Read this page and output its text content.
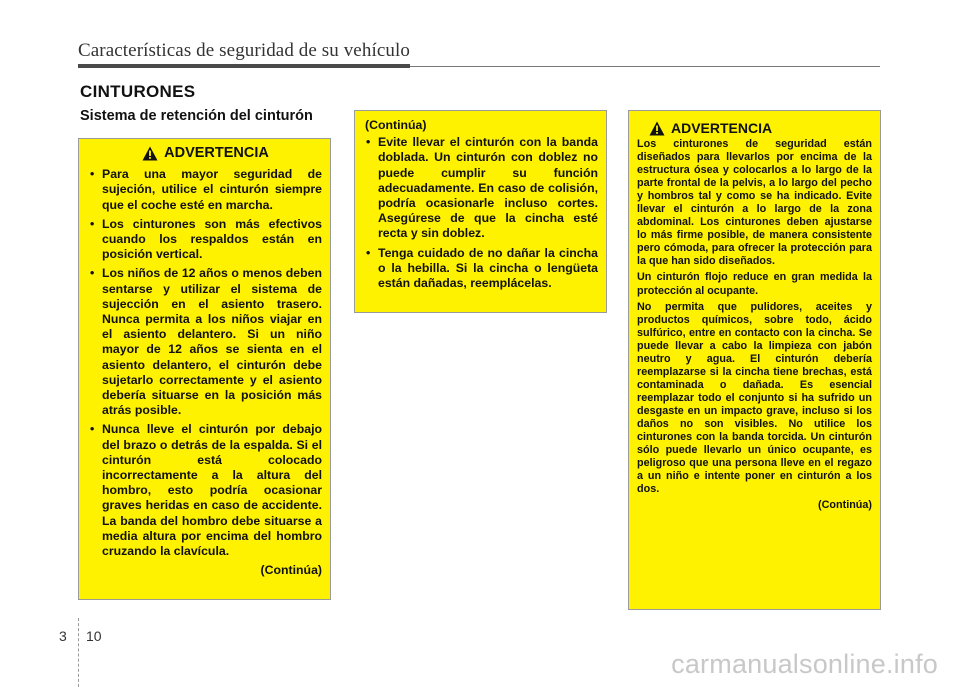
Características de seguridad de su vehículo
CINTURONES
Sistema de retención del cinturón
ADVERTENCIA
• Para una mayor seguridad de sujeción, utilice el cinturón siempre que el coche esté en marcha.
• Los cinturones son más efectivos cuando los respaldos están en posición vertical.
• Los niños de 12 años o menos deben sentarse y utilizar el sistema de sujección en el asiento trasero. Nunca permita a los niños viajar en el asiento delantero. Si un niño mayor de 12 años se sienta en el asiento delantero, el cinturón debe sujetarlo correctamente y el asiento debería situarse en la posición más atrás posible.
• Nunca lleve el cinturón por debajo del brazo o detrás de la espalda. Si el cinturón está colocado incorrectamente a la altura del hombro, esto podría ocasionar graves heridas en caso de accidente. La banda del hombro debe situarse a media altura por encima del hombro cruzando la clavícula.
(Continúa)
(Continúa)
• Evite llevar el cinturón con la banda doblada. Un cinturón con doblez no puede cumplir su función adecuadamente. En caso de colisión, podría ocasionarle incluso cortes. Asegúrese de que la cincha esté recta y sin doblez.
• Tenga cuidado de no dañar la cincha o la hebilla. Si la cincha o lengüeta están dañadas, reemplácelas.
ADVERTENCIA

Los cinturones de seguridad están diseñados para llevarlos por encima de la estructura ósea y colocarlos a lo largo de la parte frontal de la pelvis, a lo largo del pecho y hombros tal y como se ha indicado. Evite llevar el cinturón a lo largo de la zona abdominal. Los cinturones deben ajustarse lo más firme posible, de manera consistente pero cómoda, para ofrecer la protección para la que han sido diseñados.

Un cinturón flojo reduce en gran medida la protección al ocupante.

No permita que pulidores, aceites y productos químicos, sobre todo, ácido sulfúrico, entre en contacto con la cincha. Se puede llevar a cabo la limpieza con jabón neutro y agua. El cinturón debería reemplazarse si la cincha tiene brechas, está contaminada o dañada. Es esencial reemplazar todo el conjunto si ha sufrido un desgaste en un impacto grave, incluso si los daños no son visibles. No utilice los cinturones con la banda torcida. Un cinturón sólo puede llevarlo un único ocupante, es peligroso que una persona lleve en el regazo a un niño e intente poner en cinturón a los dos.

(Continúa)
3 10
carmanualsonline.info
